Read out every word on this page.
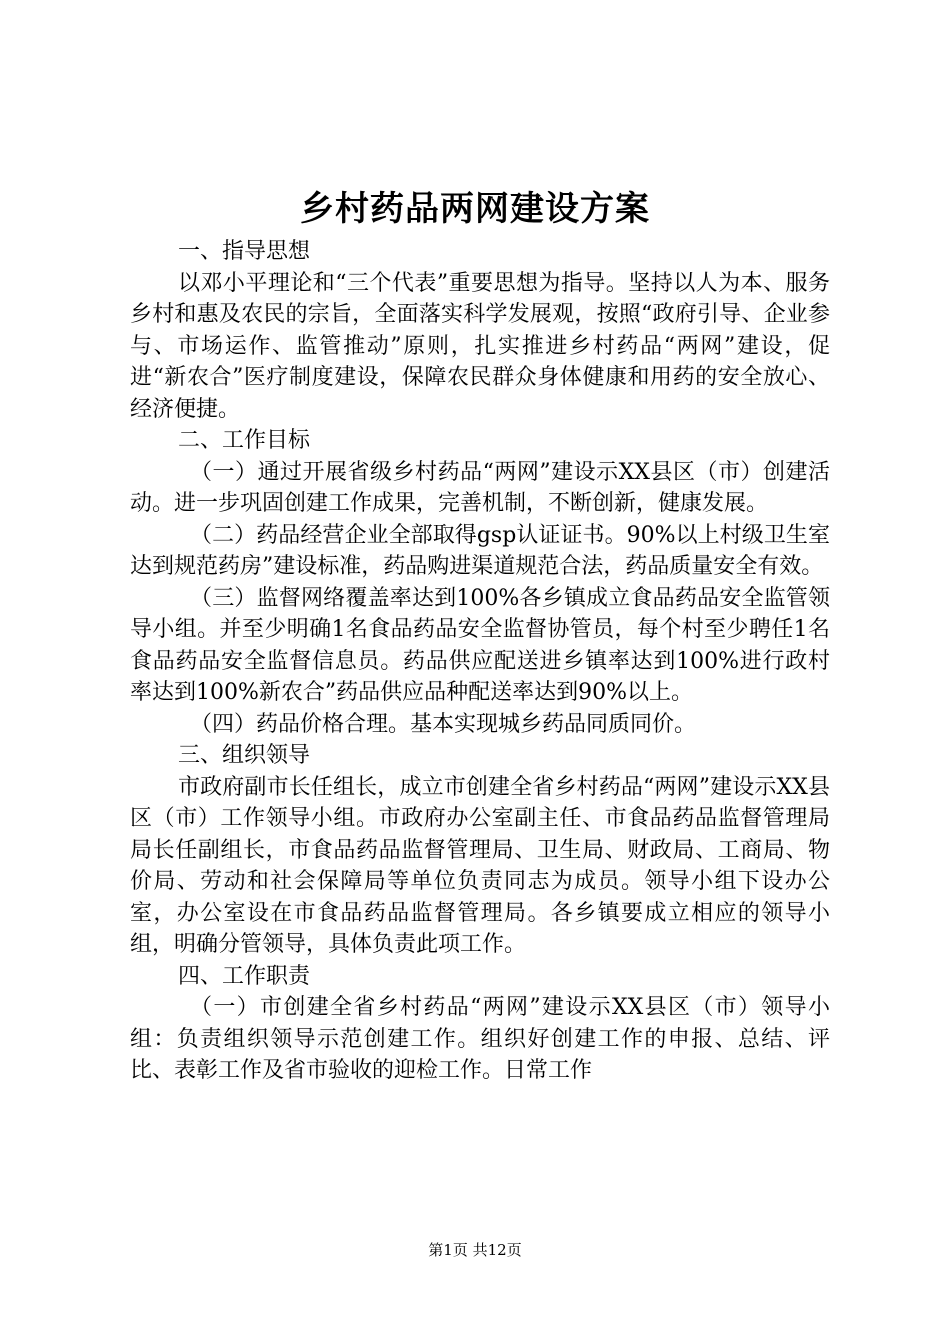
乡村药品两网建设方案

一、指导思想

以邓小平理论和“三个代表”重要思想为指导。坚持以人为本、服务乡村和惠及农民的宗旨，全面落实科学发展观，按照“政府引导、企业参与、市场运作、监管推动”原则，扎实推进乡村药品“两网”建设，促进“新农合”医疗制度建设，保障农民群众身体健康和用药的安全放心、经济便捷。

二、工作目标

（一）通过开展省级乡村药品“两网”建设示XX县区（市）创建活动。进一步巩固创建工作成果，完善机制，不断创新，健康发展。

（二）药品经营企业全部取得gsp认证证书。90%以上村级卫生室达到规范药房”建设标准，药品购进渠道规范合法，药品质量安全有效。

（三）监督网络覆盖率达到100%各乡镇成立食品药品安全监管领导小组。并至少明确1名食品药品安全监督协管员，每个村至少聘任1名食品药品安全监督信息员。药品供应配送进乡镇率达到100%进行政村率达到100%新农合”药品供应品种配送率达到90%以上。

（四）药品价格合理。基本实现城乡药品同质同价。

三、组织领导

市政府副市长任组长，成立市创建全省乡村药品“两网”建设示XX县区（市）工作领导小组。市政府办公室副主任、市食品药品监督管理局局长任副组长，市食品药品监督管理局、卫生局、财政局、工商局、物价局、劳动和社会保障局等单位负责同志为成员。领导小组下设办公室，办公室设在市食品药品监督管理局。各乡镇要成立相应的领导小组，明确分管领导，具体负责此项工作。

四、工作职责

（一）市创建全省乡村药品“两网”建设示XX县区（市）领导小组：负责组织领导示范创建工作。组织好创建工作的申报、总结、评比、表彰工作及省市验收的迎检工作。日常工作

第1页 共12页
